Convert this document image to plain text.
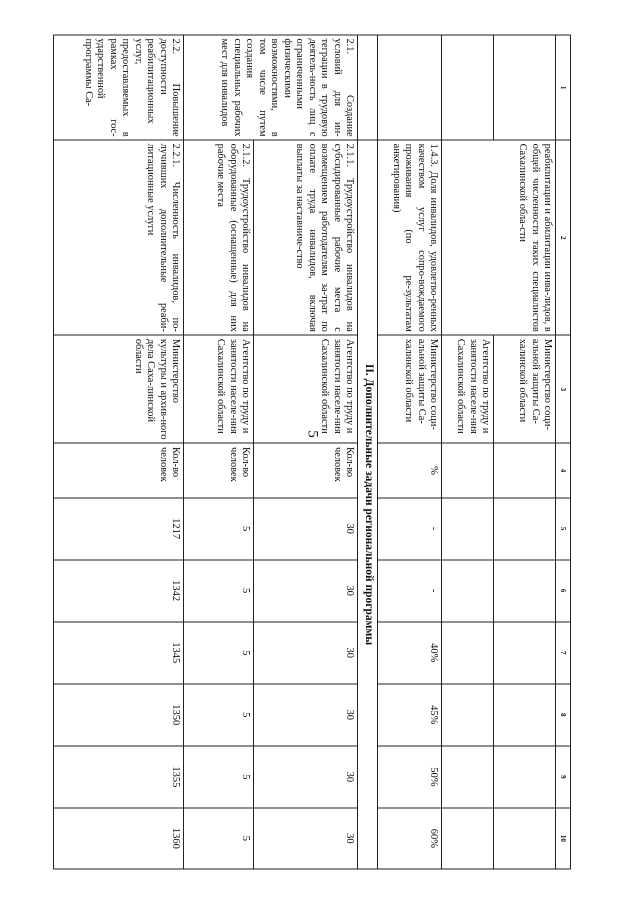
5
1	2	3	4	5	6	7	8	9	10
	реабилитации и абилитации инва-лидов, в общей численности таких специалистов Сахалинской обла-сти	Министерство соци-альной защиты Са-халинской области							
		Агентство по труду и занятости населе-ния Сахалинской области							
	1.4.3. Доля инвалидов, удовлетво-ренных качеством услуг сопро-вождаемого проживания (по ре-зультатам анкетирования)	Министерство соци-альной защиты Са-халинской области	%	-	-	40%	45%	50%	60%
	II. Дополнительные задачи региональной программы								
2.1. Создание условий для ин-теграции в трудовую деятель-ность лиц с ограниченными физическими возможностями, в том числе путем создания специальных рабочих мест для инвалидов	2.1.1. Трудоустройство инвалидов на субсидированные рабочие места с возмещением работодателям за-трат по оплате труда инвалидов, включая выплаты за наставниче-ство	Агентство по труду и занятости населе-ния Сахалинской области	Кол-во человек	30	30	30	30	30	30
	2.1.2. Трудоустройство инвалидов на оборудованные (оснащенные) для них рабочие места	Агентство по труду и занятости населе-ния Сахалинской области	Кол-во человек	5	5	5	5	5	5
2.2. Повышение доступности реабилитационных услуг, предоставляемых в рамках гос-ударственной программы Са-	2.2.1. Численность инвалидов, по-лучивших дополнительные реаби-литационные услуги	Министерство культуры и архив-ного дела Саха-линской области	Кол-во человек	1217	1342	1345	1350	1355	1360
